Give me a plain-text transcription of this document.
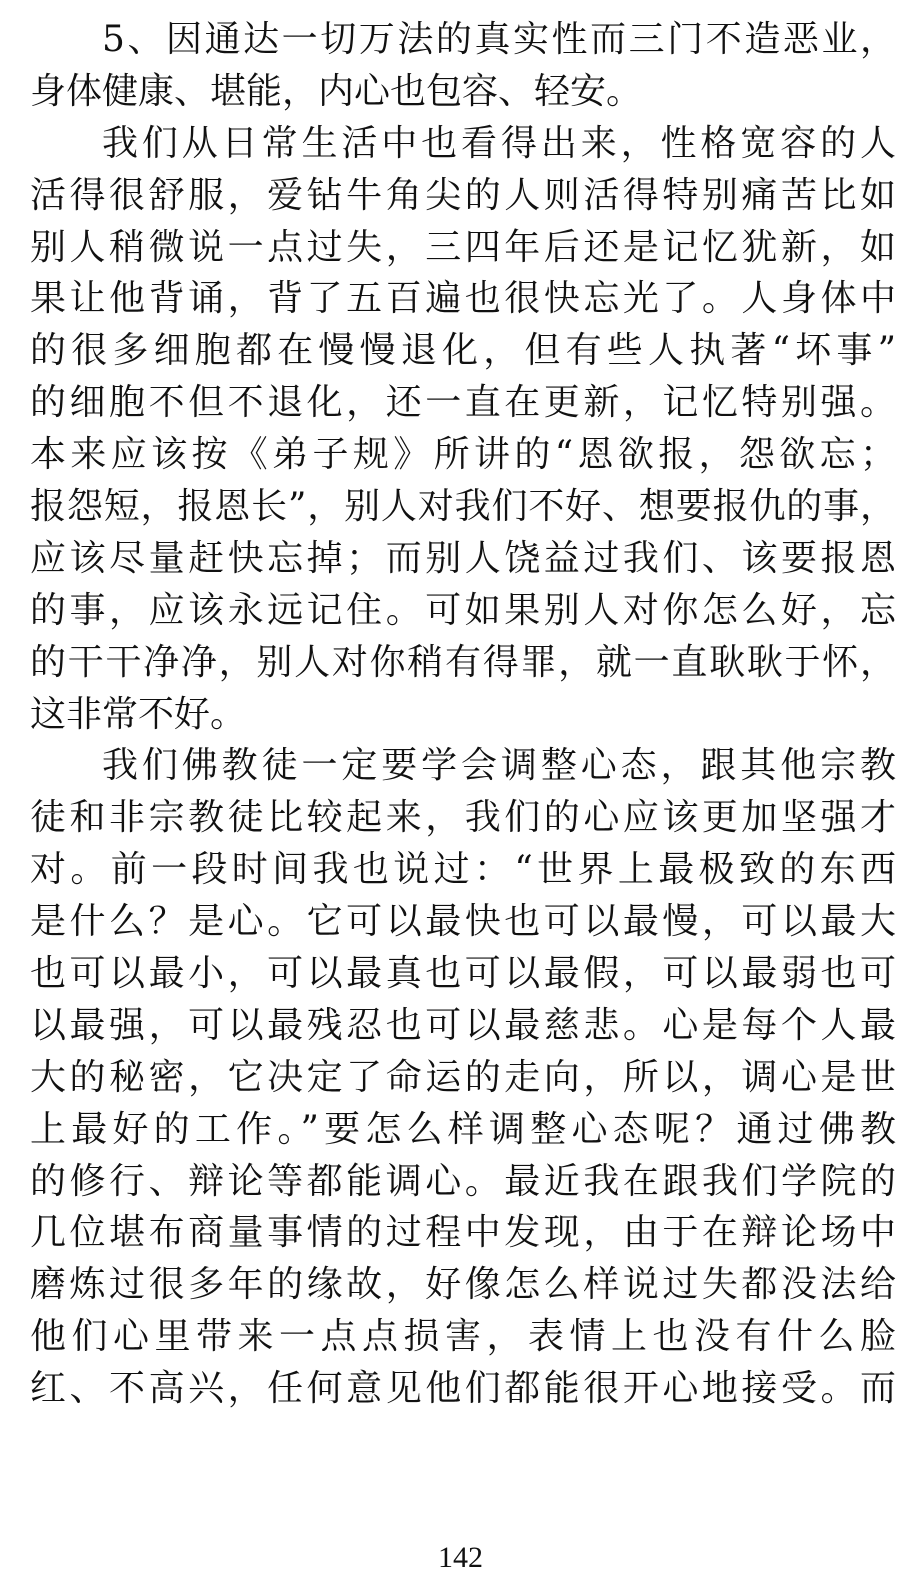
5、因通达一切万法的真实性而三门不造恶业，
身体健康、堪能，内心也包容、轻安。
我们从日常生活中也看得出来，性格宽容的人
活得很舒服，爱钻牛角尖的人则活得特别痛苦比如
别人稍微说一点过失，三四年后还是记忆犹新，如
果让他背诵，背了五百遍也很快忘光了。人身体中
的很多细胞都在慢慢退化，但有些人执著“坏事”
的细胞不但不退化，还一直在更新，记忆特别强。
本来应该按《弟子规》所讲的“恩欲报，怨欲忘；
报怨短，报恩长”，别人对我们不好、想要报仇的事，
应该尽量赶快忘掉；而别人饶益过我们、该要报恩
的事，应该永远记住。可如果别人对你怎么好，忘
的干干净净，别人对你稍有得罪，就一直耿耿于怀，
这非常不好。
我们佛教徒一定要学会调整心态，跟其他宗教
徒和非宗教徒比较起来，我们的心应该更加坚强才
对。前一段时间我也说过：“世界上最极致的东西
是什么？是心。它可以最快也可以最慢，可以最大
也可以最小，可以最真也可以最假，可以最弱也可
以最强，可以最残忍也可以最慈悲。心是每个人最
大的秘密，它决定了命运的走向，所以，调心是世
上最好的工作。”要怎么样调整心态呢？通过佛教
的修行、辩论等都能调心。最近我在跟我们学院的
几位堪布商量事情的过程中发现，由于在辩论场中
磨炼过很多年的缘故，好像怎么样说过失都没法给
他们心里带来一点点损害，表情上也没有什么脸
红、不高兴，任何意见他们都能很开心地接受。而
142
